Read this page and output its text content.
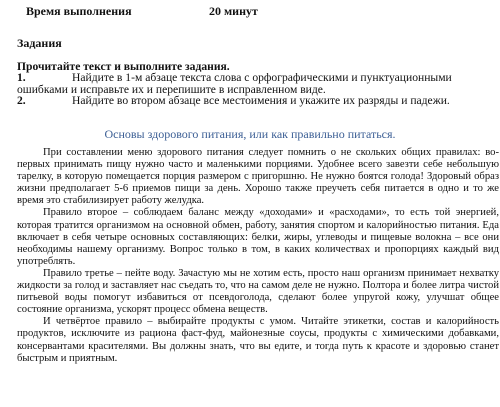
Время выполнения	20 минут
Задания
Прочитайте текст и выполните задания.
1.	Найдите в 1-м абзаце текста слова с орфографическими и пунктуационными ошибками и исправьте их и перепишите в исправленном виде.
2.	Найдите во втором абзаце все местоимения и укажите их разряды и падежи.
Основы здорового питания, или как правильно питаться.

При составлении меню здорового питания следует помнить о не скольких общих правилах: во-первых принимать пищу нужно часто и маленькими порциями. Удобнее всего завезти себе небольшую тарелку, в которую помещается порция размером с пригоршню. Не нужно боятся голода! Здоровый образ жизни предполагает 5-6 приемов пищи за день. Хорошо также преучеть себя питается в одно и то же время это стабилизирует работу желудка.

Правило второе – соблюдаем баланс между «доходами» и «расходами», то есть той энергией, которая тратится организмом на основной обмен, работу, занятия спортом и калорийностью питания. Еда включает в себя четыре основных составляющих: белки, жиры, углеводы и пищевые волокна – все они необходимы нашему организму. Вопрос только в том, в каких количествах и пропорциях каждый вид употреблять.

Правило третье – пейте воду. Зачастую мы не хотим есть, просто наш организм принимает нехватку жидкости за голод и заставляет нас съедать то, что на самом деле не нужно. Полтора и более литра чистой питьевой воды помогут избавиться от псевдоголода, сделают более упругой кожу, улучшат общее состояние организма, ускорят процесс обмена веществ.

И четвёртое правило – выбирайте продукты с умом. Читайте этикетки, состав и калорийность продуктов, исключите из рациона фаст-фуд, майонезные соусы, продукты с химическими добавками, консервантами красителями. Вы должны знать, что вы едите, и тогда путь к красоте и здоровью станет быстрым и приятным.
